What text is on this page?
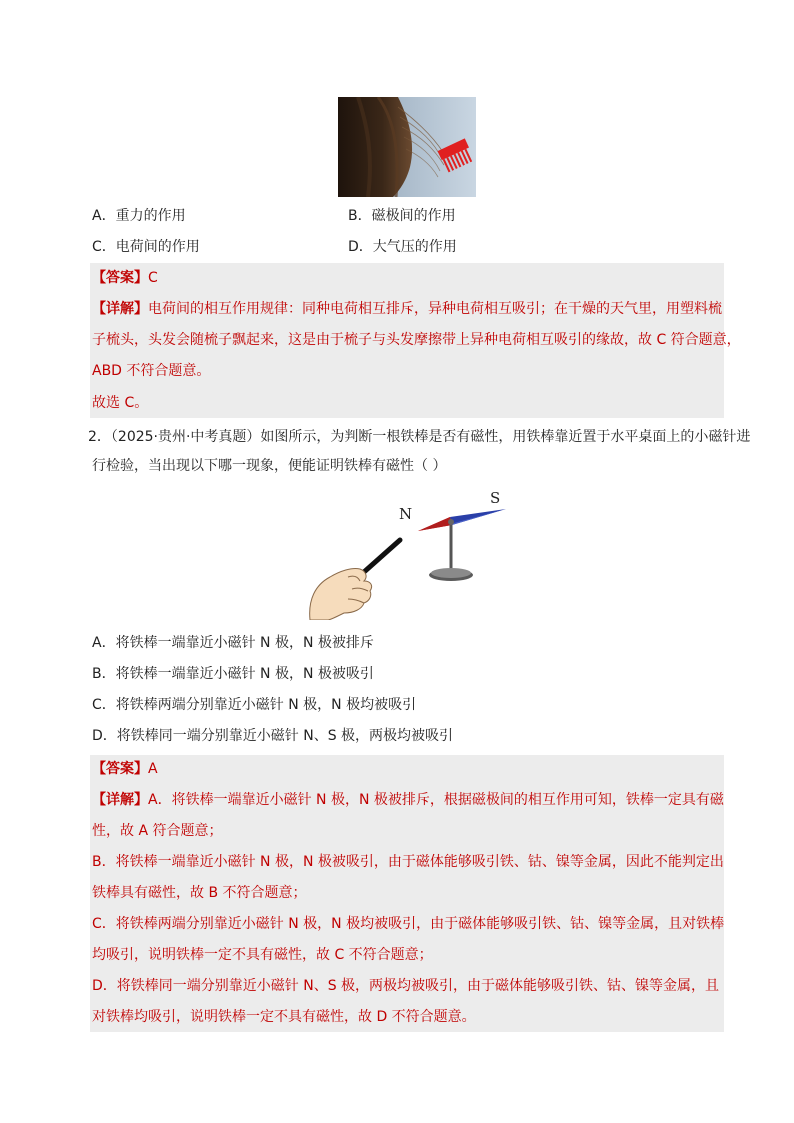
A．重力的作用	B．磁极间的作用
C．电荷间的作用	D．大气压的作用
【答案】C
【详解】电荷间的相互作用规律：同种电荷相互排斥，异种电荷相互吸引；在干燥的天气里，用塑料梳
子梳头，头发会随梳子飘起来，这是由于梳子与头发摩擦带上异种电荷相互吸引的缘故，故 C 符合题意，
ABD 不符合题意。
故选 C。
2．（2025·贵州·中考真题）如图所示，为判断一根铁棒是否有磁性，用铁棒靠近置于水平桌面上的小磁针进
行检验，当出现以下哪一现象，便能证明铁棒有磁性（ ）
N
S
A．将铁棒一端靠近小磁针 N 极，N 极被排斥
B．将铁棒一端靠近小磁针 N 极，N 极被吸引
C．将铁棒两端分别靠近小磁针 N 极，N 极均被吸引
D．将铁棒同一端分别靠近小磁针 N、S 极，两极均被吸引
【答案】A
【详解】A．将铁棒一端靠近小磁针 N 极，N 极被排斥，根据磁极间的相互作用可知，铁棒一定具有磁
性，故 A 符合题意；
B．将铁棒一端靠近小磁针 N 极，N 极被吸引，由于磁体能够吸引铁、钴、镍等金属，因此不能判定出
铁棒具有磁性，故 B 不符合题意；
C．将铁棒两端分别靠近小磁针 N 极，N 极均被吸引，由于磁体能够吸引铁、钴、镍等金属，且对铁棒
均吸引，说明铁棒一定不具有磁性，故 C 不符合题意；
D．将铁棒同一端分别靠近小磁针 N、S 极，两极均被吸引，由于磁体能够吸引铁、钴、镍等金属，且
对铁棒均吸引，说明铁棒一定不具有磁性，故 D 不符合题意。
